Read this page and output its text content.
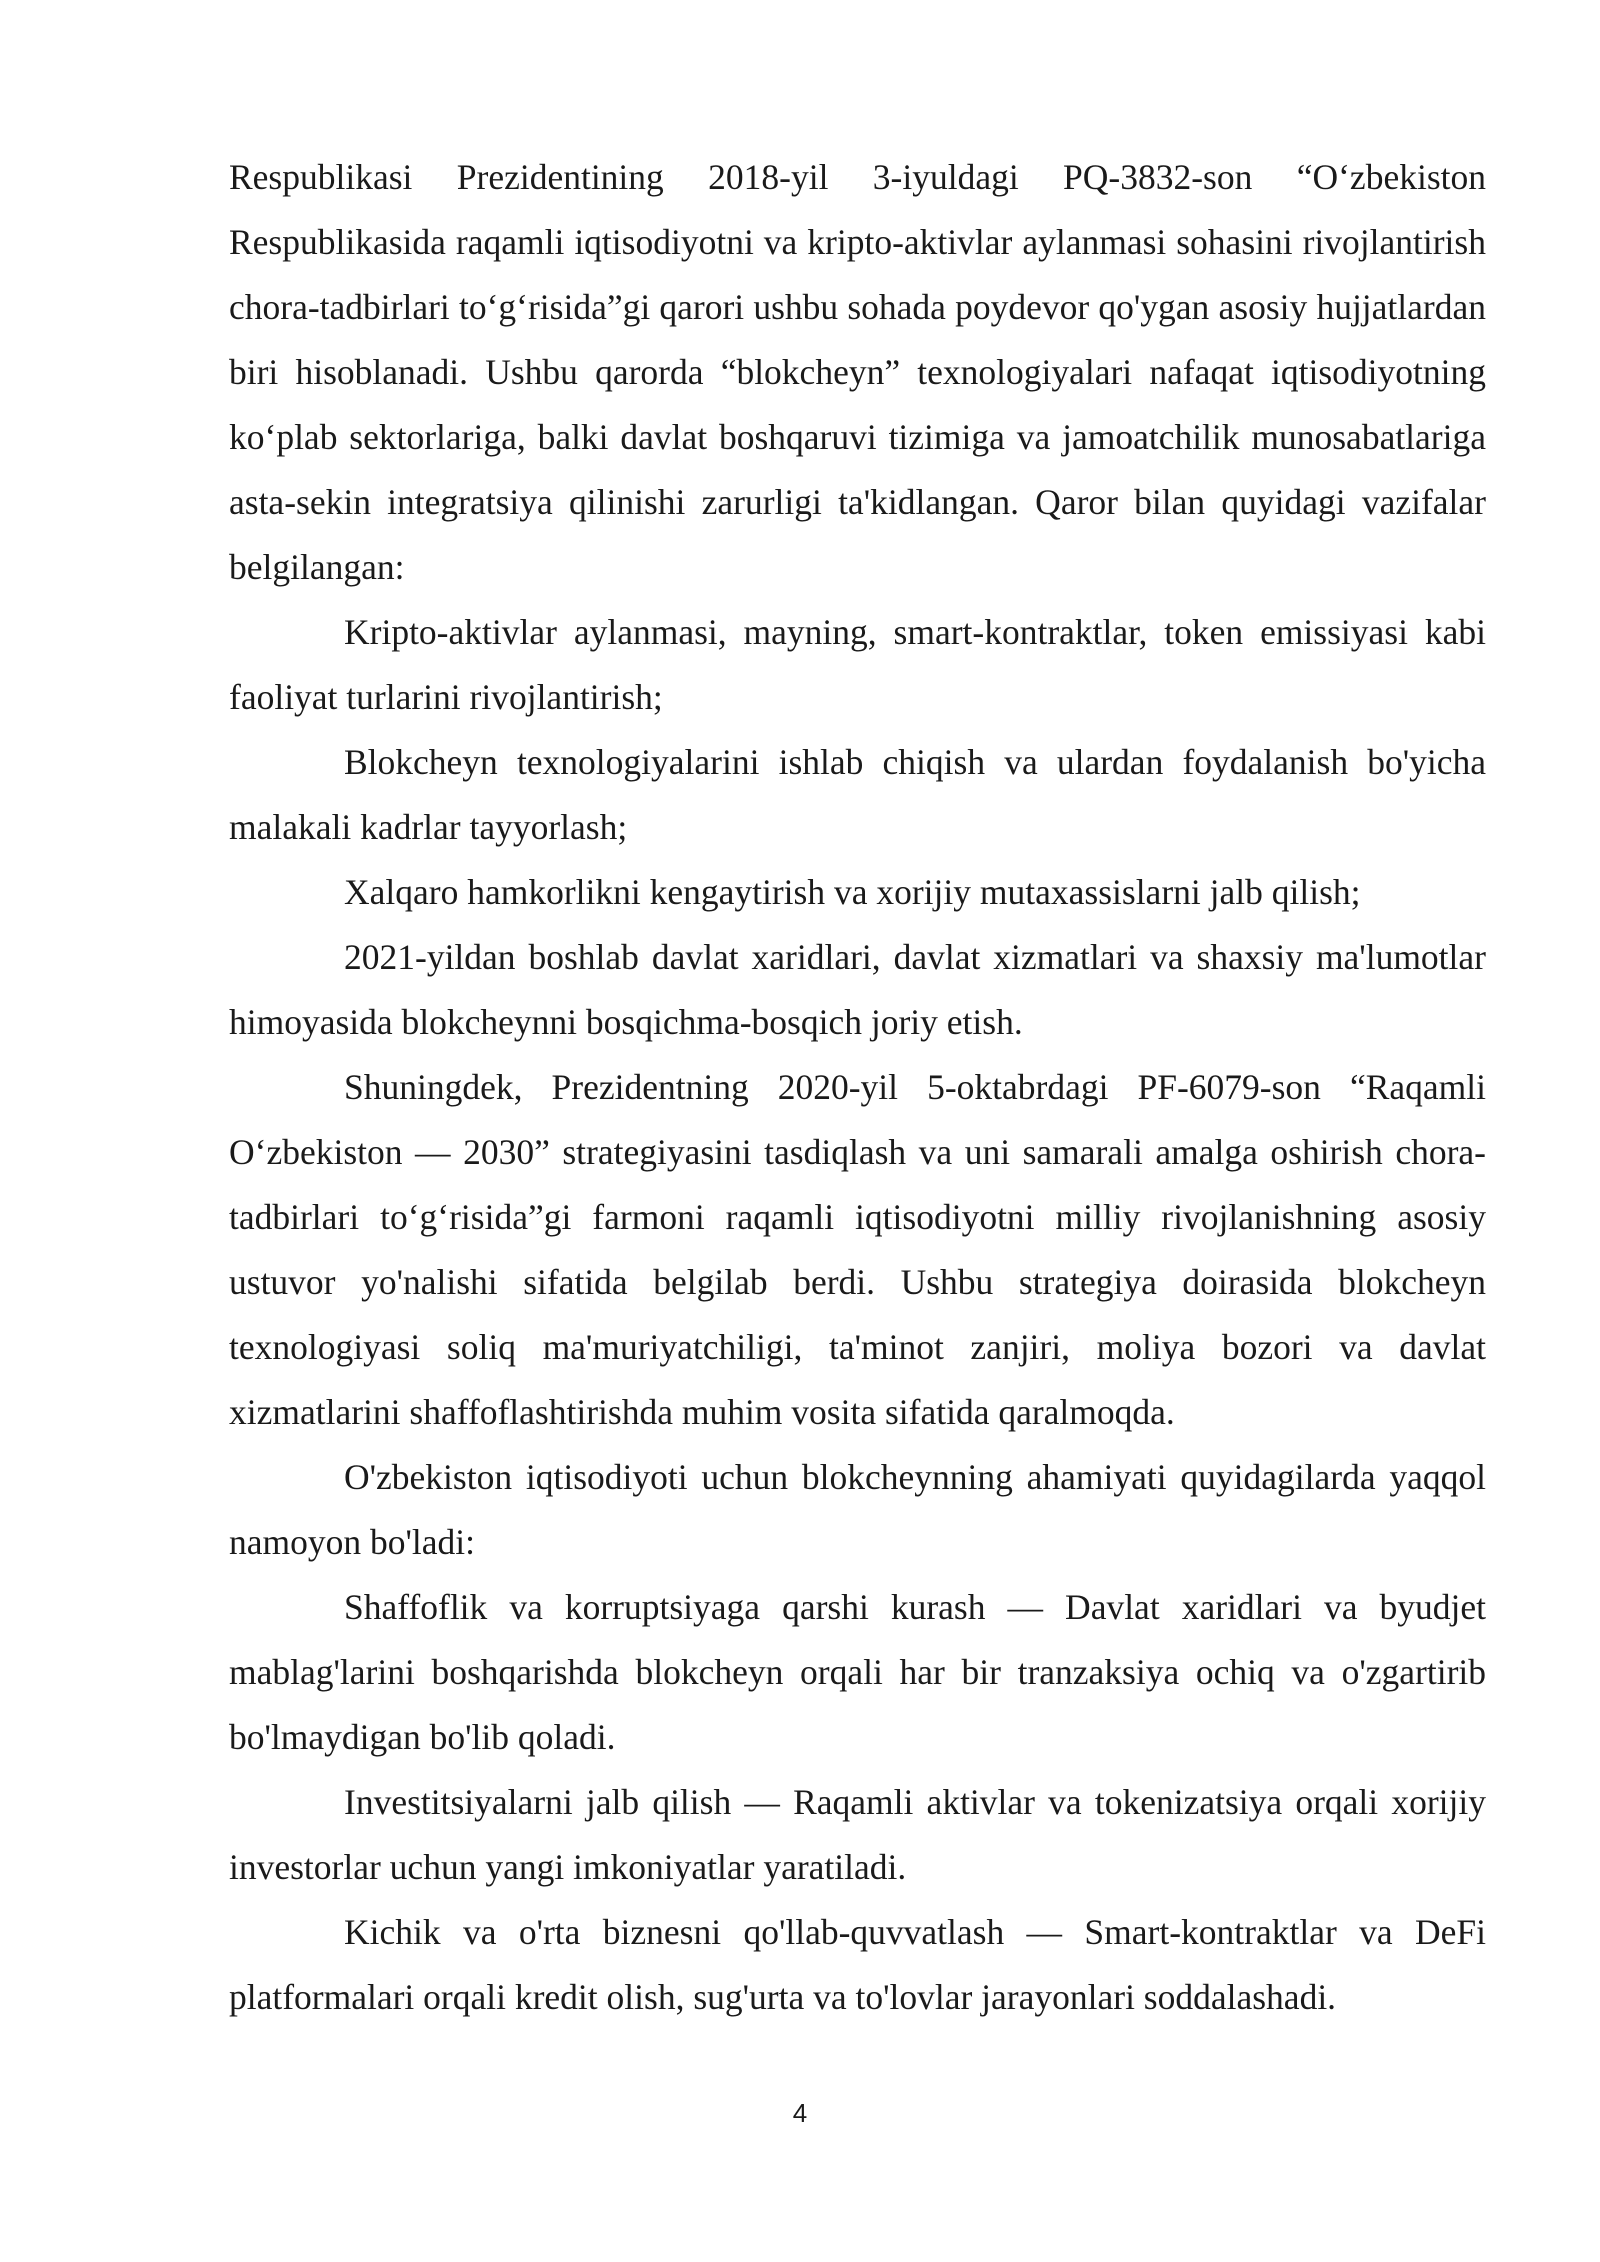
Respublikasi Prezidentining 2018-yil 3-iyuldagi PQ-3832-son “O‘zbekiston Respublikasida raqamli iqtisodiyotni va kripto-aktivlar aylanmasi sohasini rivojlantirish chora-tadbirlari to‘g‘risida”gi qarori ushbu sohada poydevor qo'ygan asosiy hujjatlardan biri hisoblanadi. Ushbu qarorda “blokcheyn” texnologiyalari nafaqat iqtisodiyotning ko‘plab sektorlariga, balki davlat boshqaruvi tizimiga va jamoatchilik munosabatlariga asta-sekin integratsiya qilinishi zarurligi ta'kidlangan. Qaror bilan quyidagi vazifalar belgilangan:

Kripto-aktivlar aylanmasi, mayning, smart-kontraktlar, token emissiyasi kabi faoliyat turlarini rivojlantirish;

Blokcheyn texnologiyalarini ishlab chiqish va ulardan foydalanish bo'yicha malakali kadrlar tayyorlash;

Xalqaro hamkorlikni kengaytirish va xorijiy mutaxassislarni jalb qilish;

2021-yildan boshlab davlat xaridlari, davlat xizmatlari va shaxsiy ma'lumotlar himoyasida blokcheynni bosqichma-bosqich joriy etish.

Shuningdek, Prezidentning 2020-yil 5-oktabrdagi PF-6079-son “Raqamli O‘zbekiston — 2030” strategiyasini tasdiqlash va uni samarali amalga oshirish chora-tadbirlari to‘g‘risida”gi farmoni raqamli iqtisodiyotni milliy rivojlanishning asosiy ustuvor yo'nalishi sifatida belgilab berdi. Ushbu strategiya doirasida blokcheyn texnologiyasi soliq ma'muriyatchiligi, ta'minot zanjiri, moliya bozori va davlat xizmatlarini shaffoflashtirishda muhim vosita sifatida qaralmoqda.

O'zbekiston iqtisodiyoti uchun blokcheynning ahamiyati quyidagilarda yaqqol namoyon bo'ladi:

Shaffoflik va korruptsiyaga qarshi kurash — Davlat xaridlari va byudjet mablag'larini boshqarishda blokcheyn orqali har bir tranzaksiya ochiq va o'zgartirib bo'lmaydigan bo'lib qoladi.

Investitsiyalarni jalb qilish — Raqamli aktivlar va tokenizatsiya orqali xorijiy investorlar uchun yangi imkoniyatlar yaratiladi.

Kichik va o'rta biznesni qo'llab-quvvatlash — Smart-kontraktlar va DeFi platformalari orqali kredit olish, sug'urta va to'lovlar jarayonlari soddalashadi.

4
